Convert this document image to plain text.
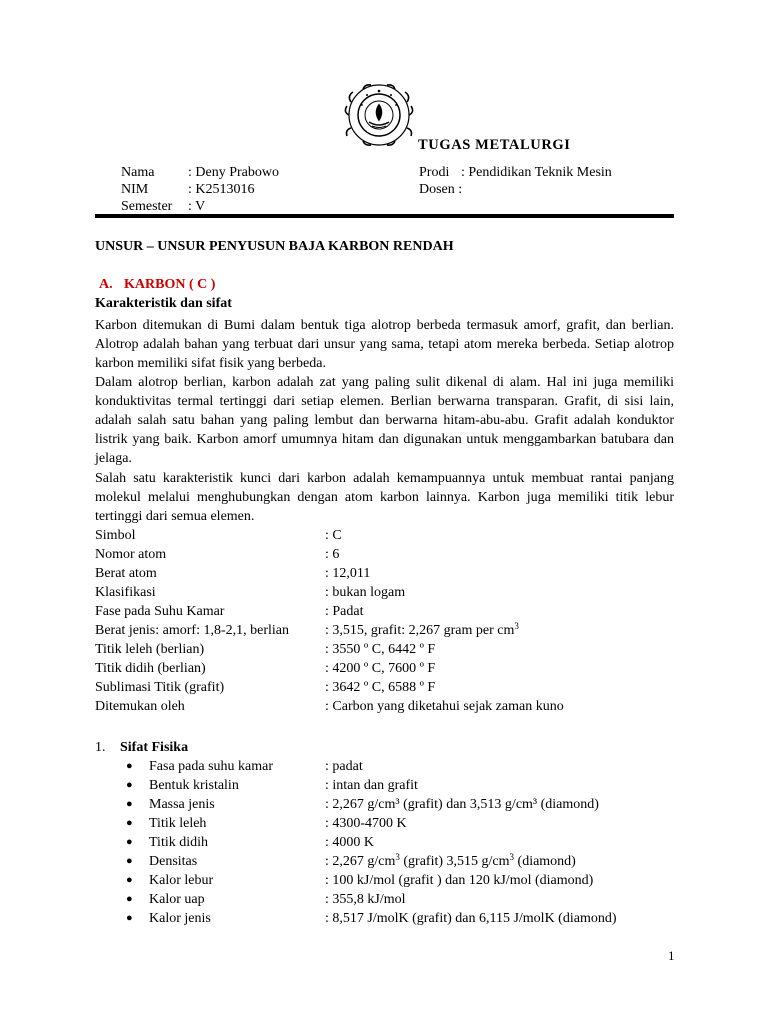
TUGAS METALURGI
Nama : Deny Prabowo
NIM	: K2513016
Semester : V
Prodi : Pendidikan Teknik Mesin
Dosen :
UNSUR – UNSUR PENYUSUN BAJA KARBON RENDAH
A. KARBON ( C )
Karakteristik dan sifat

Karbon ditemukan di Bumi dalam bentuk tiga alotrop berbeda termasuk amorf, grafit, dan berlian. Alotrop adalah bahan yang terbuat dari unsur yang sama, tetapi atom mereka berbeda. Setiap alotrop karbon memiliki sifat fisik yang berbeda.

Dalam alotrop berlian, karbon adalah zat yang paling sulit dikenal di alam. Hal ini juga memiliki konduktivitas termal tertinggi dari setiap elemen. Berlian berwarna transparan. Grafit, di sisi lain, adalah salah satu bahan yang paling lembut dan berwarna hitam-abu-abu. Grafit adalah konduktor listrik yang baik. Karbon amorf umumnya hitam dan digunakan untuk menggambarkan batubara dan jelaga.

Salah satu karakteristik kunci dari karbon adalah kemampuannya untuk membuat rantai panjang molekul melalui menghubungkan dengan atom karbon lainnya. Karbon juga memiliki titik lebur tertinggi dari semua elemen.

Simbol	: C
Nomor atom	: 6
Berat atom	: 12,011
Klasifikasi	: bukan logam
Fase pada Suhu Kamar	: Padat
Berat jenis: amorf: 1,8-2,1, berlian	: 3,515, grafit: 2,267 gram per $cm^3$
Titik leleh (berlian)	: 3550 º C, 6442 º F
Titik didih (berlian)	: 4200 º C, 7600 º F
Sublimasi Titik (grafit)	: 3642 º C, 6588 º F
Ditemukan oleh	: Carbon yang diketahui sejak zaman kuno
1. Sifat Fisika
● Fasa pada suhu kamar	: padat
● Bentuk kristalin	: intan dan grafit
● Massa jenis	: 2,267 g/cm³ (grafit) dan 3,513 g/cm³ (diamond)
● Titik leleh	: 4300-4700 K
● Titik didih	: 4000 K
● Densitas	: 2,267 $g/cm^3$ (grafit) 3,515 $g/cm^3$ (diamond)
● Kalor lebur	: 100 kJ/mol (grafit ) dan 120 kJ/mol (diamond)
● Kalor uap	: 355,8 kJ/mol
● Kalor jenis	: 8,517 J/molK (grafit) dan 6,115 J/molK (diamond)
1
